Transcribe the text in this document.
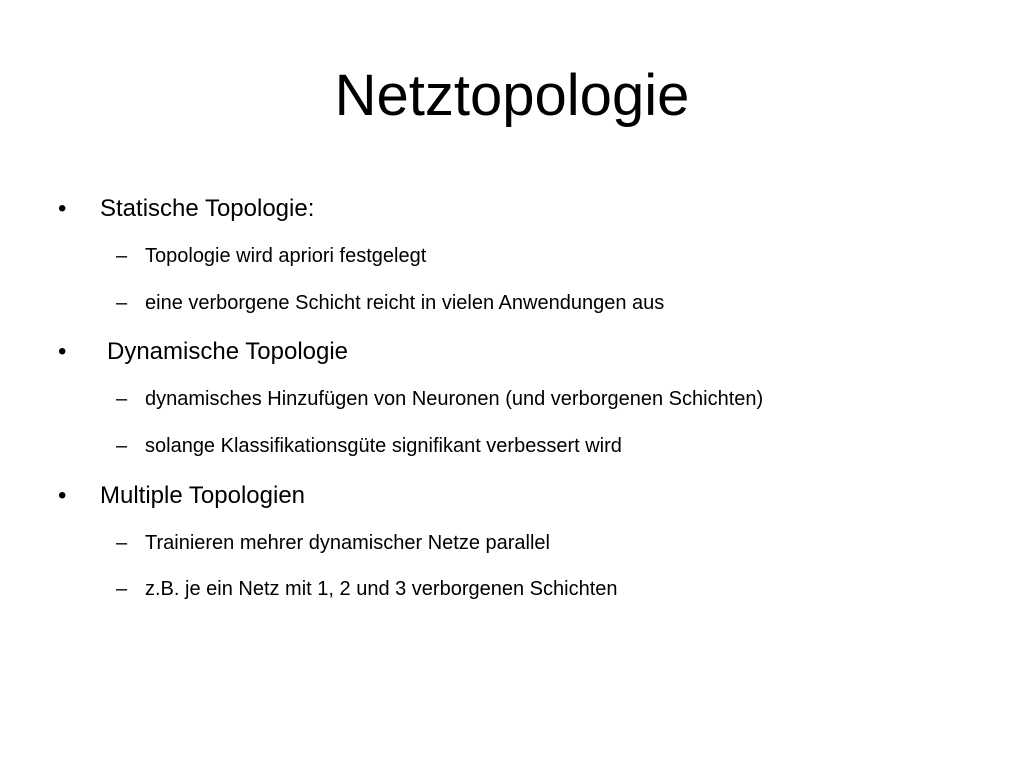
Netztopologie
• Statische Topologie:
– Topologie wird apriori festgelegt
– eine verborgene Schicht reicht in vielen Anwendungen aus
• Dynamische Topologie
– dynamisches Hinzufügen von Neuronen (und verborgenen Schichten)
– solange Klassifikationsgüte signifikant verbessert wird
• Multiple Topologien
– Trainieren mehrer dynamischer Netze parallel
– z.B. je ein Netz mit 1, 2 und 3 verborgenen Schichten
